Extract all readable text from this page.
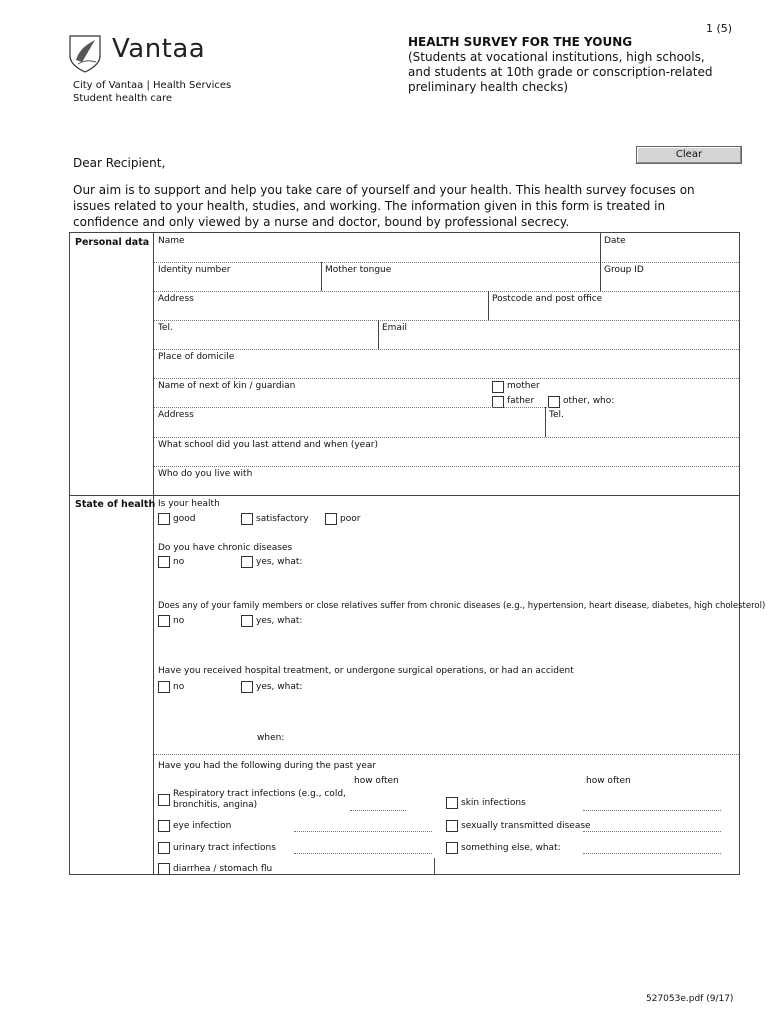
1 (5)
Vantaa
City of Vantaa | Health Services
Student health care
HEALTH SURVEY FOR THE YOUNG
(Students at vocational institutions, high schools,
and students at 10th grade or conscription-related
preliminary health checks)
Clear
Dear Recipient,
Our aim is to support and help you take care of yourself and your health. This health survey focuses on issues related to your health, studies, and working. The information given in this form is treated in confidence and only viewed by a nurse and doctor, bound by professional secrecy.
Personal data
State of health
Name	Date
Identity number	Mother tongue	Group ID
Address	Postcode and post office
Tel.	Email
Place of domicile
Name of next of kin / guardian	mother
father	other, who:
Address	Tel.
What school did you last attend and when (year)
Who do you live with
Is your health
good	satisfactory	poor
Do you have chronic diseases
no	yes, what:
Does any of your family members or close relatives suffer from chronic diseases (e.g., hypertension, heart disease, diabetes, high cholesterol)
no	yes, what:
Have you received hospital treatment, or undergone surgical operations, or had an accident
no	yes, what:
when:
Have you had the following during the past year
how often	how often
Respiratory tract infections (e.g., cold,
bronchitis, angina)	skin infections
eye infection	sexually transmitted disease
urinary tract infections	something else, what:
diarrhea / stomach flu
527053e.pdf (9/17)
